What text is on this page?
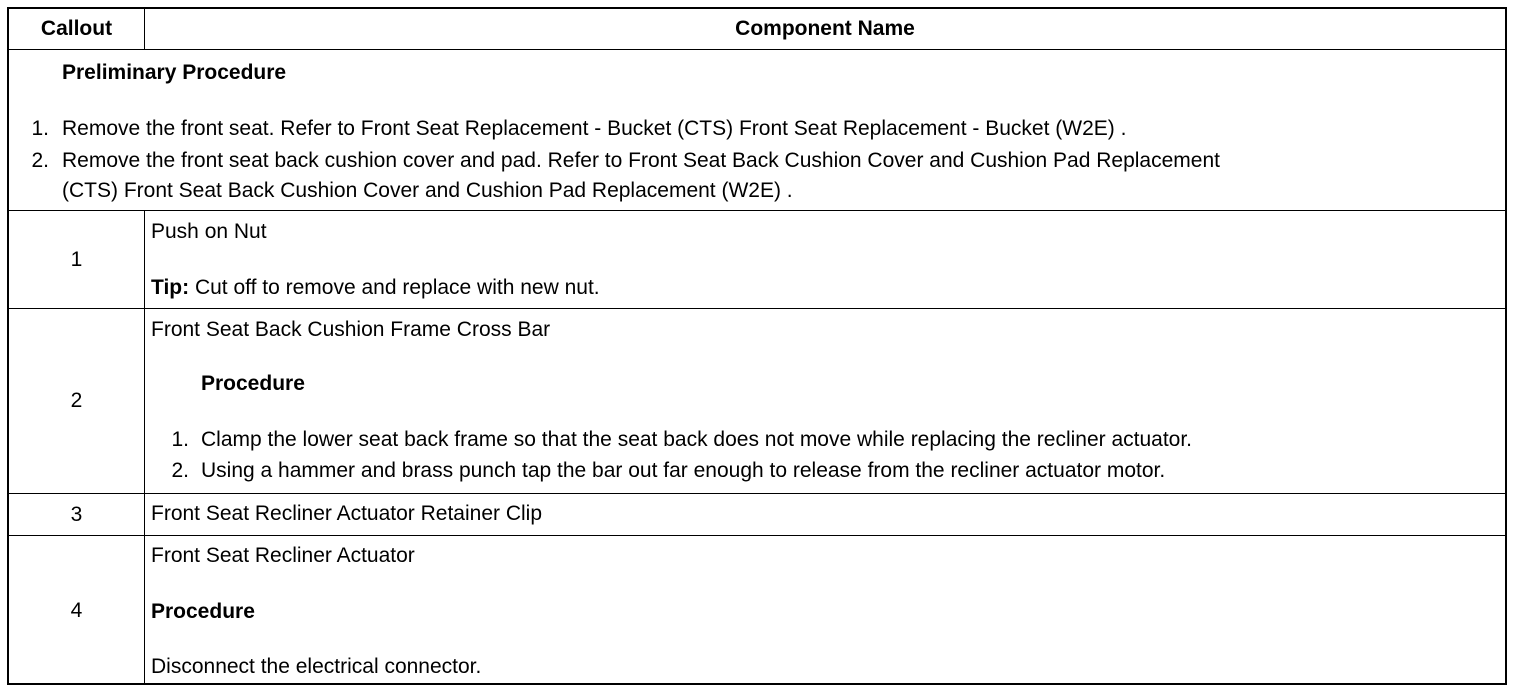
Callout	Component Name
Preliminary Procedure
1. Remove the front seat. Refer to Front Seat Replacement - Bucket (CTS) Front Seat Replacement - Bucket (W2E) .
2. Remove the front seat back cushion cover and pad. Refer to Front Seat Back Cushion Cover and Cushion Pad Replacement
(CTS) Front Seat Back Cushion Cover and Cushion Pad Replacement (W2E) .
1
Push on Nut
Tip: Cut off to remove and replace with new nut.
2
Front Seat Back Cushion Frame Cross Bar
Procedure
1. Clamp the lower seat back frame so that the seat back does not move while replacing the recliner actuator.
2. Using a hammer and brass punch tap the bar out far enough to release from the recliner actuator motor.
3	Front Seat Recliner Actuator Retainer Clip
4
Front Seat Recliner Actuator
Procedure
Disconnect the electrical connector.
